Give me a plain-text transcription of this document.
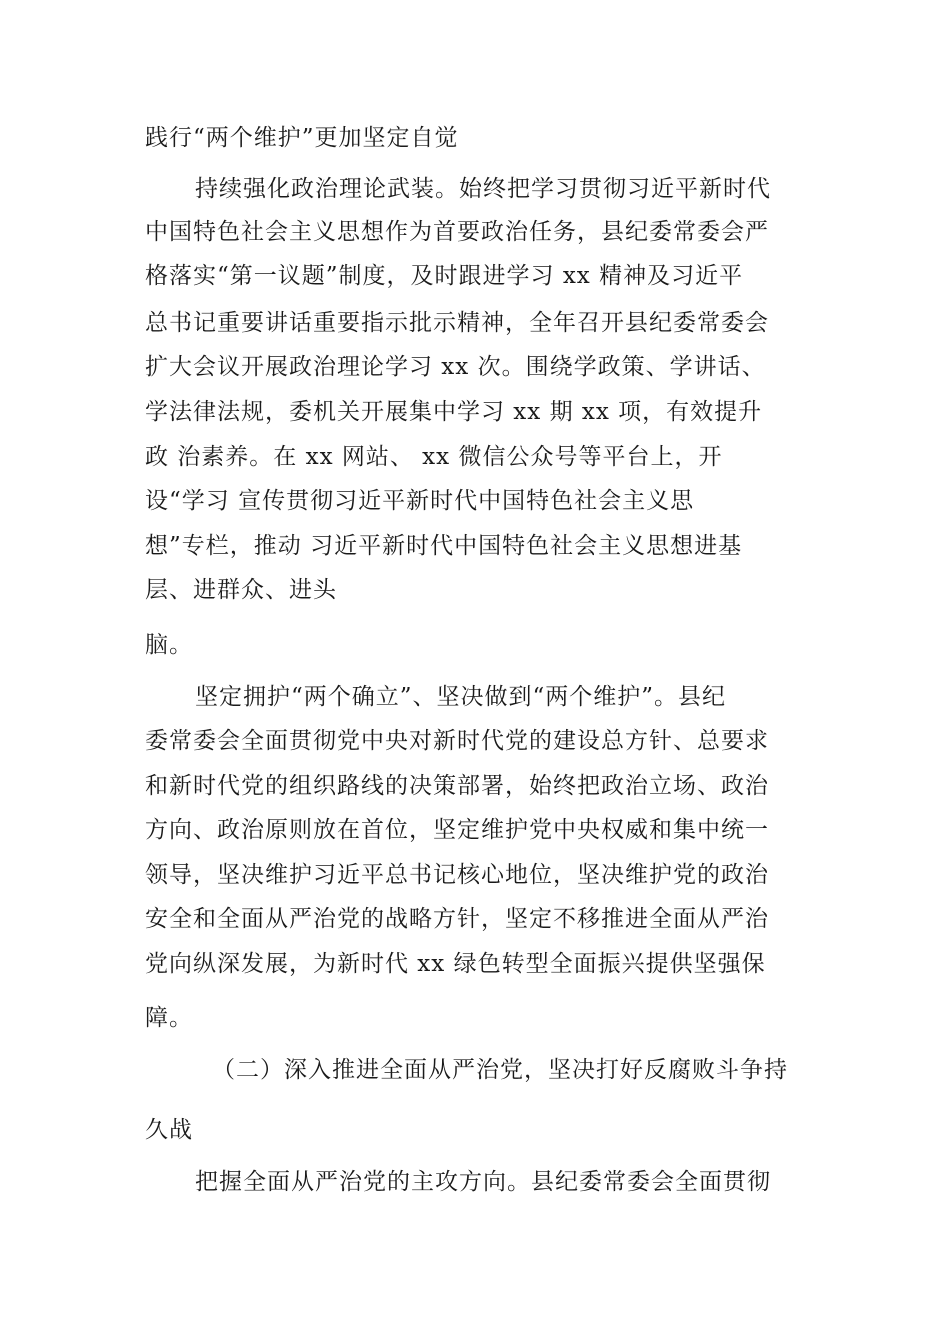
践行“两个维护”更加坚定自觉
持续强化政治理论武装。始终把学习贯彻习近平新时代
中国特色社会主义思想作为首要政治任务，县纪委常委会严
格落实“第一议题”制度，及时跟进学习 xx 精神及习近平
总书记重要讲话重要指示批示精神，全年召开县纪委常委会
扩大会议开展政治理论学习 xx 次。围绕学政策、学讲话、
学法律法规，委机关开展集中学习 xx 期 xx 项，有效提升
政 治素养。在 xx 网站、 xx 微信公众号等平台上，开
设“学习 宣传贯彻习近平新时代中国特色社会主义思
想”专栏，推动 习近平新时代中国特色社会主义思想进基
层、进群众、进头
脑。
坚定拥护“两个确立”、坚决做到“两个维护”。县纪
委常委会全面贯彻党中央对新时代党的建设总方针、总要求
和新时代党的组织路线的决策部署，始终把政治立场、政治
方向、政治原则放在首位，坚定维护党中央权威和集中统一
领导，坚决维护习近平总书记核心地位，坚决维护党的政治
安全和全面从严治党的战略方针，坚定不移推进全面从严治
党向纵深发展，为新时代 xx 绿色转型全面振兴提供坚强保
障。
（二）深入推进全面从严治党，坚决打好反腐败斗争持
久战
把握全面从严治党的主攻方向。县纪委常委会全面贯彻
